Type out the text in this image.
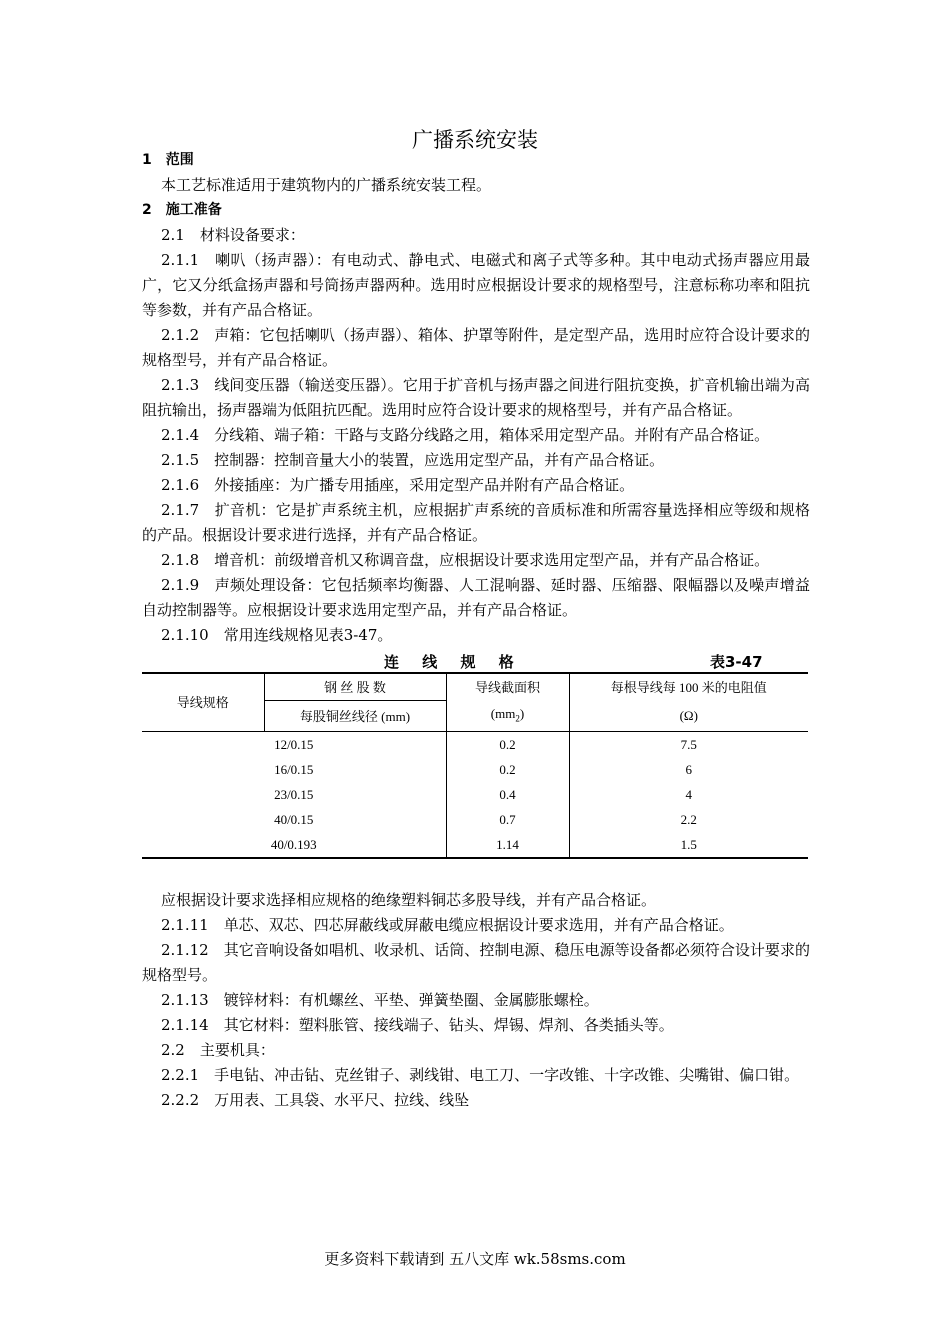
广播系统安装
1　范围
本工艺标准适用于建筑物内的广播系统安装工程。
2　施工准备
2.1　材料设备要求：
2.1.1　喇叭（扬声器）：有电动式、静电式、电磁式和离子式等多种。其中电动式扬声器应用最广，它又分纸盒扬声器和号筒扬声器两种。选用时应根据设计要求的规格型号，注意标称功率和阻抗等参数，并有产品合格证。
2.1.2　声箱：它包括喇叭（扬声器）、箱体、护罩等附件，是定型产品，选用时应符合设计要求的规格型号，并有产品合格证。
2.1.3　线间变压器（输送变压器）。它用于扩音机与扬声器之间进行阻抗变换，扩音机输出端为高阻抗输出，扬声器端为低阻抗匹配。选用时应符合设计要求的规格型号，并有产品合格证。
2.1.4　分线箱、端子箱：干路与支路分线路之用，箱体采用定型产品。并附有产品合格证。
2.1.5　控制器：控制音量大小的装置，应选用定型产品，并有产品合格证。
2.1.6　外接插座：为广播专用插座，采用定型产品并附有产品合格证。
2.1.7　扩音机：它是扩声系统主机，应根据扩声系统的音质标准和所需容量选择相应等级和规格的产品。根据设计要求进行选择，并有产品合格证。
2.1.8　增音机：前级增音机又称调音盘，应根据设计要求选用定型产品，并有产品合格证。
2.1.9　声频处理设备：它包括频率均衡器、人工混响器、延时器、压缩器、限幅器以及噪声增益自动控制器等。应根据设计要求选用定型产品，并有产品合格证。
2.1.10　常用连线规格见表3-47。
连 线 规 格	表3-47
导线规格	钢 丝 股 数	导线截面积	每根导线每 100 米的电阻值
	每股铜丝线径 (mm)	$(mm_2)$	(Ω)
12/0.15		0.2	7.5
16/0.15		0.2	6
23/0.15		0.4	4
40/0.15		0.7	2.2
40/0.193		1.14	1.5
应根据设计要求选择相应规格的绝缘塑料铜芯多股导线，并有产品合格证。
2.1.11　单芯、双芯、四芯屏蔽线或屏蔽电缆应根据设计要求选用，并有产品合格证。
2.1.12　其它音响设备如唱机、收录机、话筒、控制电源、稳压电源等设备都必须符合设计要求的规格型号。
2.1.13　镀锌材料：有机螺丝、平垫、弹簧垫圈、金属膨胀螺栓。
2.1.14　其它材料：塑料胀管、接线端子、钻头、焊锡、焊剂、各类插头等。
2.2　主要机具：
2.2.1　手电钻、冲击钻、克丝钳子、剥线钳、电工刀、一字改锥、十字改锥、尖嘴钳、偏口钳。
2.2.2　万用表、工具袋、水平尺、拉线、线坠
更多资料下载请到 五八文库 wk.58sms.com
